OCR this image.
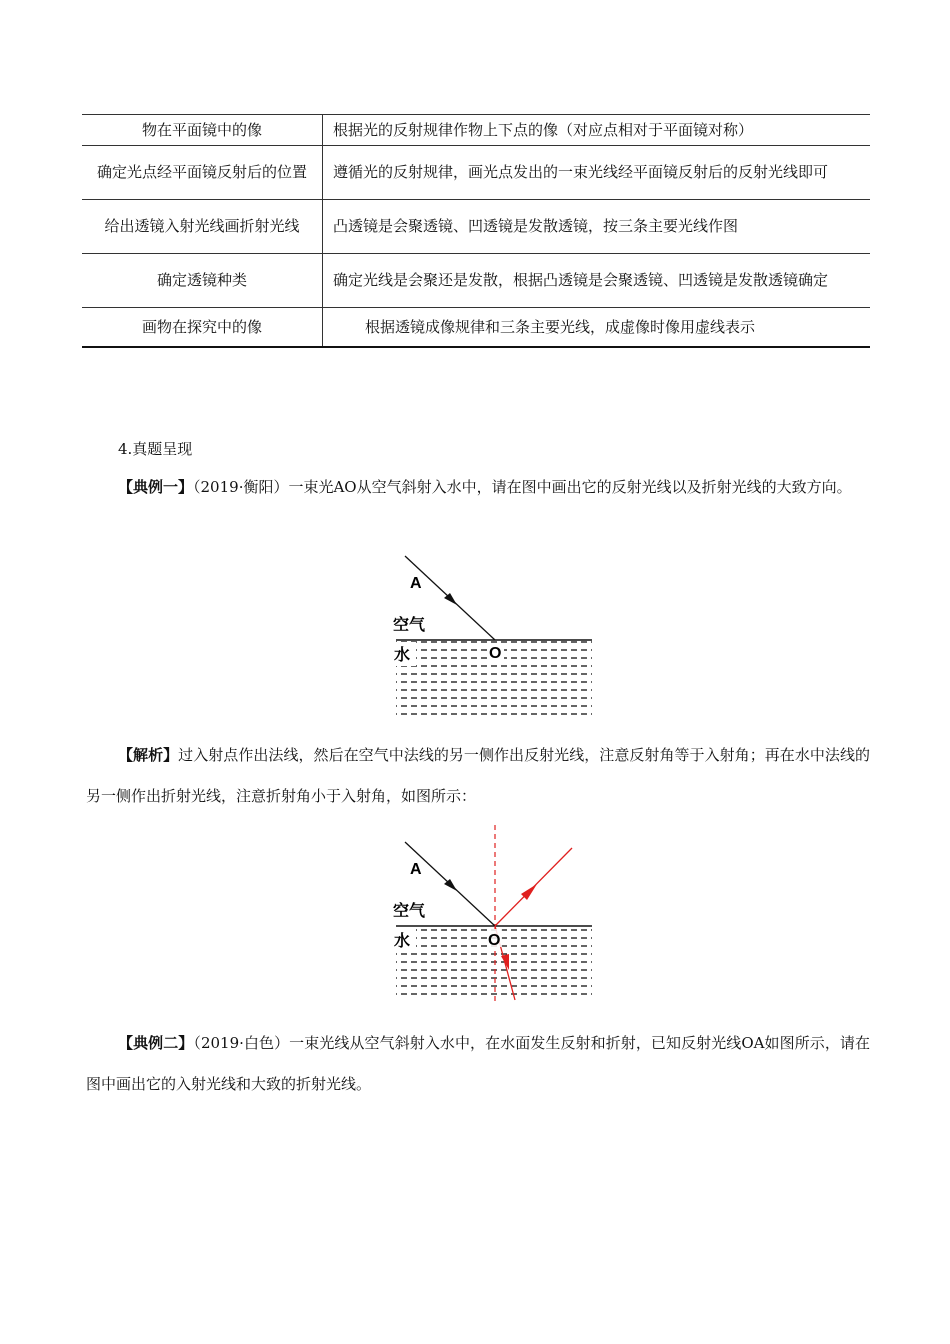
物在平面镜中的像	根据光的反射规律作物上下点的像（对应点相对于平面镜对称）
确定光点经平面镜反射后的位置	遵循光的反射规律，画光点发出的一束光线经平面镜反射后的反射光线即可
给出透镜入射光线画折射光线	凸透镜是会聚透镜、凹透镜是发散透镜，按三条主要光线作图
确定透镜种类	确定光线是会聚还是发散，根据凸透镜是会聚透镜、凹透镜是发散透镜确定
画物在探究中的像	根据透镜成像规律和三条主要光线，成虚像时像用虚线表示
4.真题呈现
【典例一】（2019·衡阳）一束光AO从空气斜射入水中，请在图中画出它的反射光线以及折射光线的大致方向。
A
空气
水	O
【解析】过入射点作出法线，然后在空气中法线的另一侧作出反射光线，注意反射角等于入射角；再在水中法线的另一侧作出折射光线，注意折射角小于入射角，如图所示：
A
空气
水	O
【典例二】（2019·白色）一束光线从空气斜射入水中，在水面发生反射和折射，已知反射光线OA如图所示，请在图中画出它的入射光线和大致的折射光线。
